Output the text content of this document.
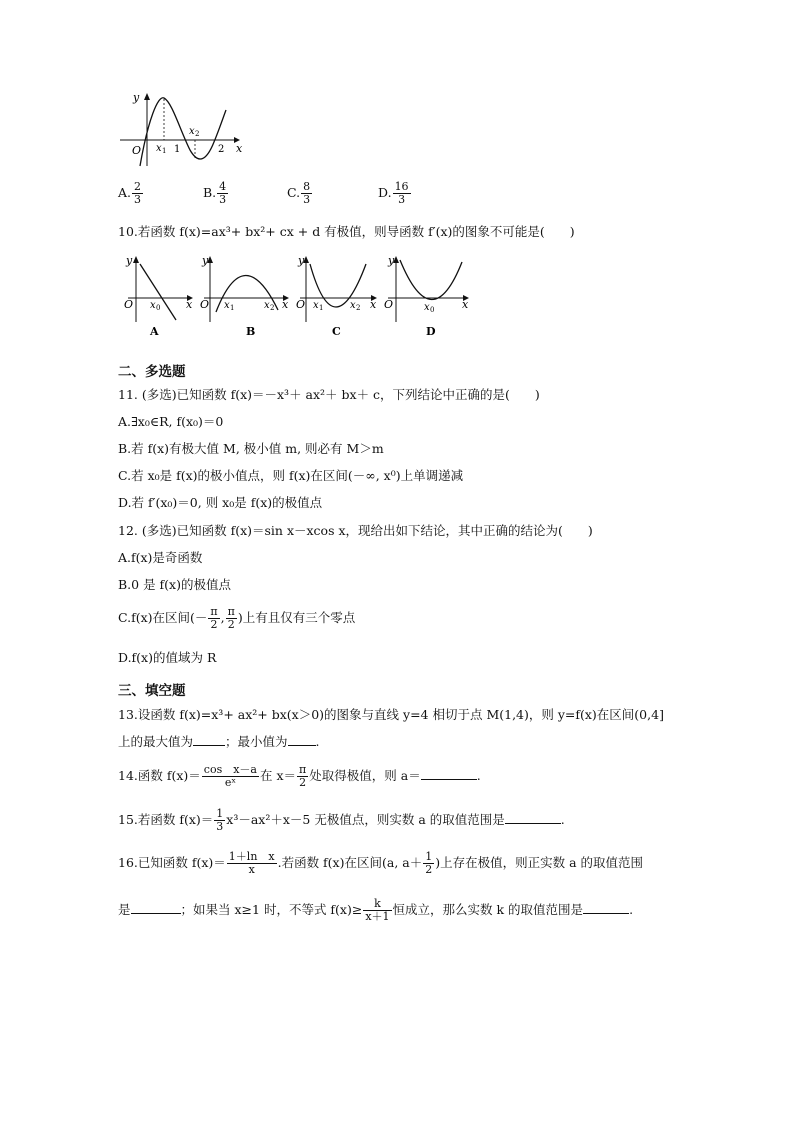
y
x
O x 1 1
x 2
2
A. $\frac{2}{3}$	B. $\frac{4}{3}$	C. $\frac{8}{3}$	D. $\frac{16}{3}$
10.若函数 f(x)=ax³+ bx²+ cx + d 有极值，则导函数 f′(x)的图象不可能是(　　)
y
O	x
x 0
A
y
O	x
x 1	x 2
B
y
O	x
x 1	x 2
C
y
O	x
x 0
D
二、多选题
11. (多选)已知函数 f(x)＝－x³＋ ax²＋ bx＋ c，下列结论中正确的是(　　)
A.∃x₀∈R, f(x₀)＝0
B.若 f(x)有极大值 M, 极小值 m, 则必有 M＞m
C.若 x₀是 f(x)的极小值点，则 f(x)在区间(－∞, x⁰)上单调递减
D.若 f′(x₀)＝0, 则 x₀是 f(x)的极值点
12. (多选)已知函数 f(x)＝sin x－xcos x，现给出如下结论，其中正确的结论为(　　)
A.f(x)是奇函数
B.0 是 f(x)的极值点
C.f(x)在区间(－ $\frac{\pi}{2}$ , $\frac{\pi}{2}$ )上有且仅有三个零点
D.f(x)的值域为 R
三、填空题
13.设函数 f(x)=x³+ ax²+ bx(x＞0)的图象与直线 y=4 相切于点 M(1,4)，则 y=f(x)在区间(0,4]
上的最大值为	；最小值为 .
14.函数 $f(x)= \frac{\text{cos　x－a}}{\text{eˣ}}$ 在 $x= \frac{\pi}{2}$ 处取得极值，则 a＝	.
15.若函数 $f(x)= \frac{1}{3} x^3-ax^2+x-5$ 无极值点，则实数 a 的取值范围是	.
16.已知函数 $f(x)= \frac{\text{1＋ln　x}}{x}$ .若函数 f(x)在区间(a, $a+ \frac{1}{2}$ )上存在极值，则正实数 a 的取值范围
是	；如果当 x≥1 时，不等式 $f(x)\ge \frac{k}{x+1}$ 恒成立，那么实数 k 的取值范围是	.
